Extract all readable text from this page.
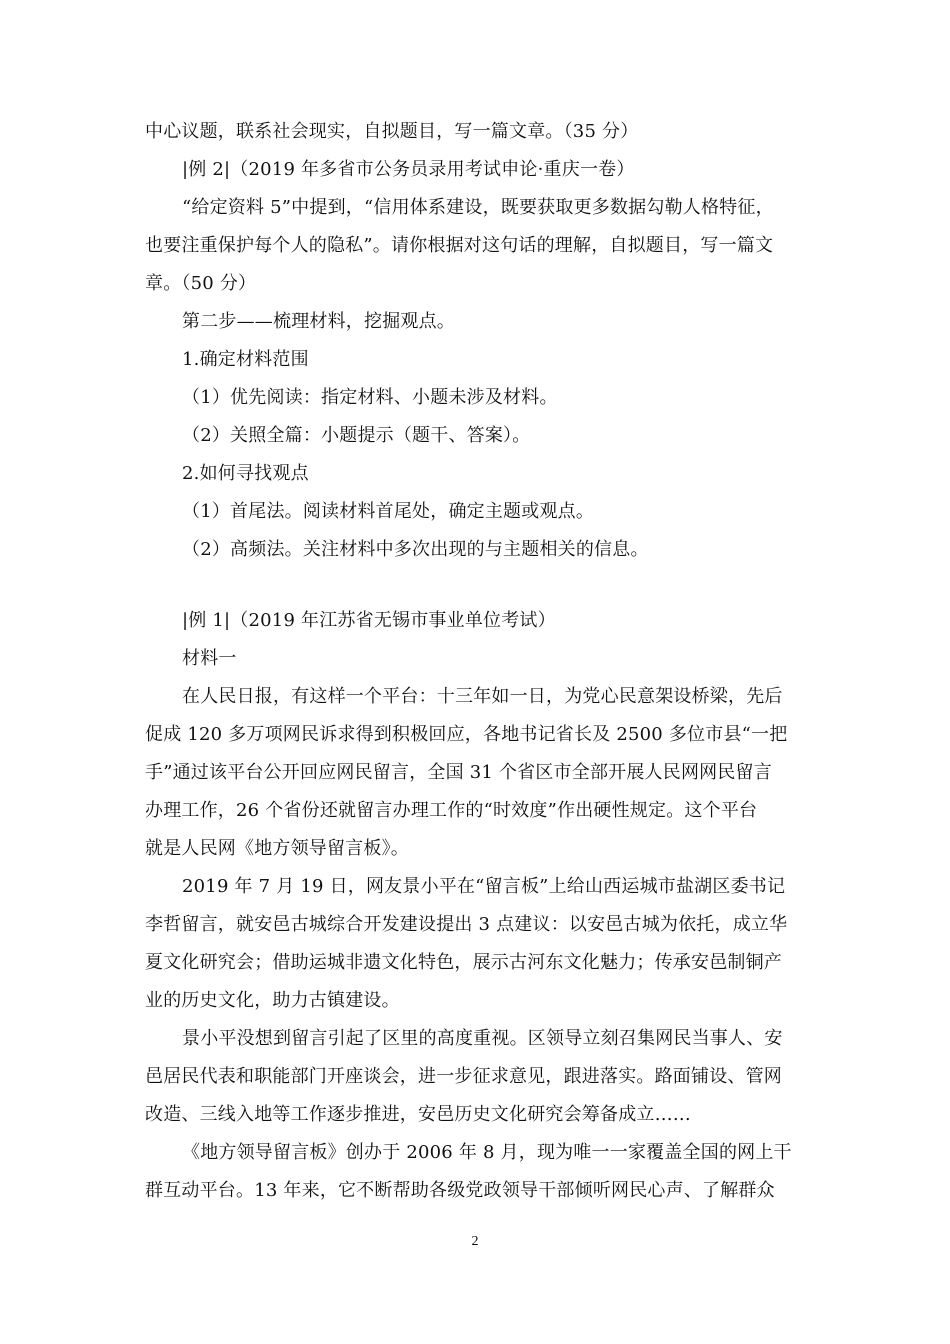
中心议题，联系社会现实，自拟题目，写一篇文章。（35 分）
|例 2|（2019 年多省市公务员录用考试申论·重庆一卷）
“给定资料 5”中提到，“信用体系建设，既要获取更多数据勾勒人格特征，
也要注重保护每个人的隐私”。请你根据对这句话的理解，自拟题目，写一篇文
章。（50 分）
第二步——梳理材料，挖掘观点。
1.确定材料范围
（1）优先阅读：指定材料、小题未涉及材料。
（2）关照全篇：小题提示（题干、答案）。
2.如何寻找观点
（1）首尾法。阅读材料首尾处，确定主题或观点。
（2）高频法。关注材料中多次出现的与主题相关的信息。
|例 1|（2019 年江苏省无锡市事业单位考试）
材料一
在人民日报，有这样一个平台：十三年如一日，为党心民意架设桥梁，先后
促成 120 多万项网民诉求得到积极回应，各地书记省长及 2500 多位市县“一把
手”通过该平台公开回应网民留言，全国 31 个省区市全部开展人民网网民留言
办理工作，26 个省份还就留言办理工作的“时效度”作出硬性规定。这个平台
就是人民网《地方领导留言板》。
2019 年 7 月 19 日，网友景小平在“留言板”上给山西运城市盐湖区委书记
李哲留言，就安邑古城综合开发建设提出 3 点建议：以安邑古城为依托，成立华
夏文化研究会；借助运城非遗文化特色，展示古河东文化魅力；传承安邑制铜产
业的历史文化，助力古镇建设。
景小平没想到留言引起了区里的高度重视。区领导立刻召集网民当事人、安
邑居民代表和职能部门开座谈会，进一步征求意见，跟进落实。路面铺设、管网
改造、三线入地等工作逐步推进，安邑历史文化研究会筹备成立……
《地方领导留言板》创办于 2006 年 8 月，现为唯一一家覆盖全国的网上干
群互动平台。13 年来，它不断帮助各级党政领导干部倾听网民心声、了解群众
2
